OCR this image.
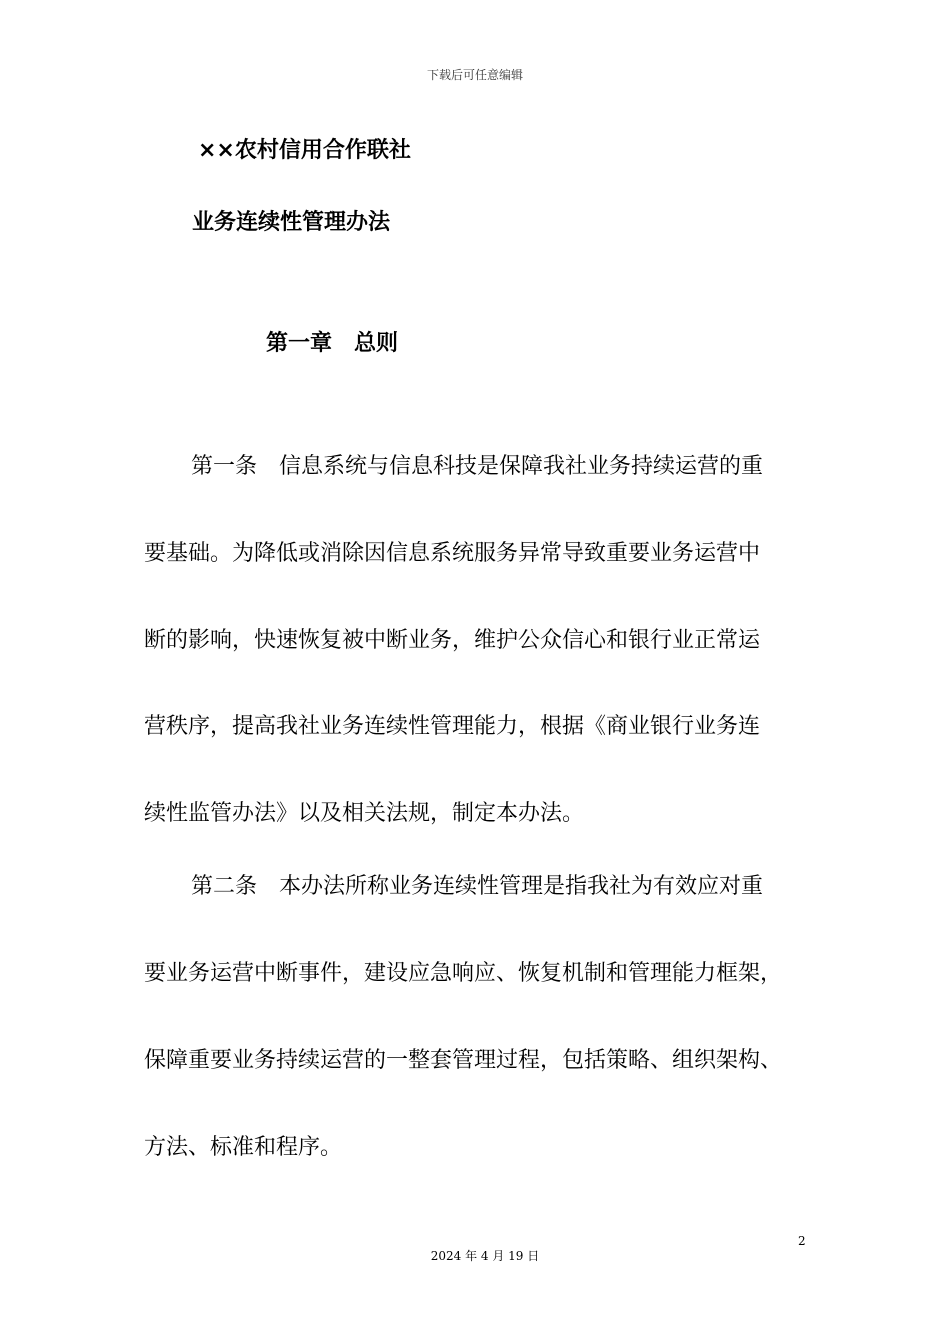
下载后可任意编辑
××农村信用合作联社
业务连续性管理办法
第一章 总则
第一条 信息系统与信息科技是保障我社业务持续运营的重
要基础。为降低或消除因信息系统服务异常导致重要业务运营中
断的影响，快速恢复被中断业务，维护公众信心和银行业正常运
营秩序，提高我社业务连续性管理能力，根据《商业银行业务连
续性监管办法》以及相关法规，制定本办法。
第二条 本办法所称业务连续性管理是指我社为有效应对重
要业务运营中断事件，建设应急响应、恢复机制和管理能力框架，
保障重要业务持续运营的一整套管理过程，包括策略、组织架构、
方法、标准和程序。
2
2024 年 4 月 19 日
